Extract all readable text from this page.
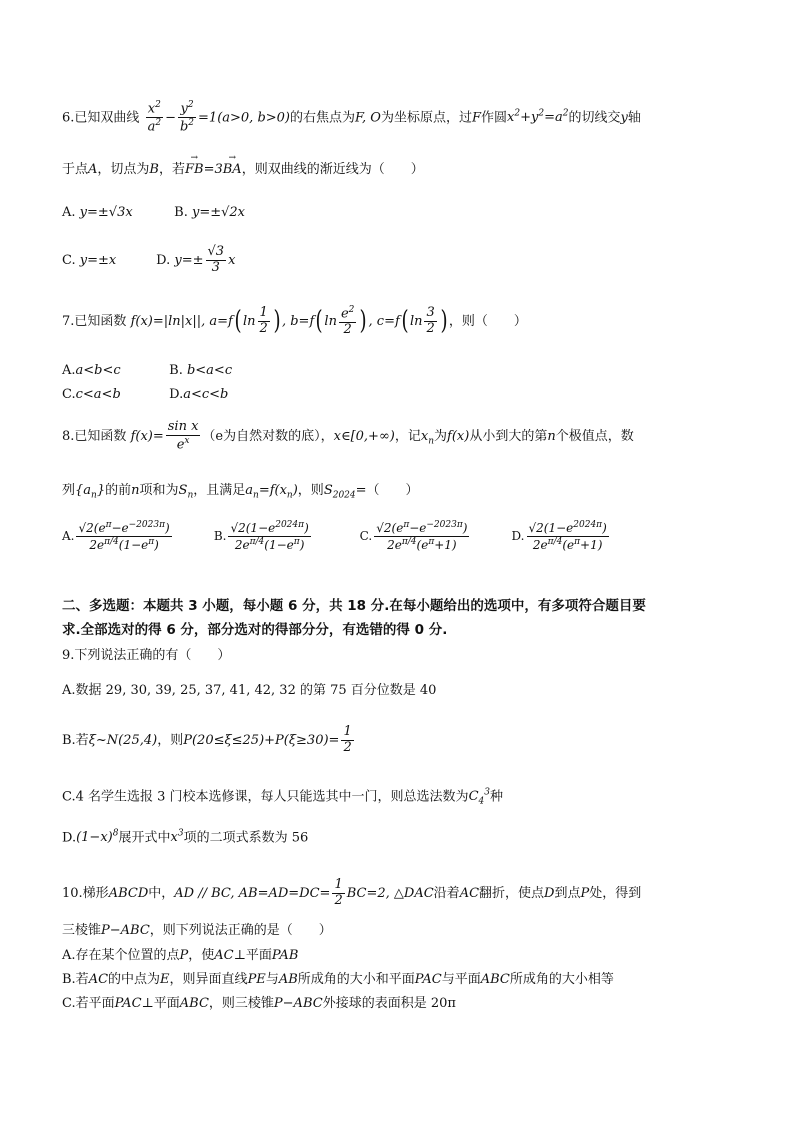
6.已知双曲线 $\frac{x^2}{a^2} - \frac{y^2}{b^2} =1(a>0$, b>0)的右焦点为F, O为坐标原点，过F作圆$x^2+y^2=a^2$的切线交y轴
于点A，切点为B，若→ FB=3→ BA，则双曲线的渐近线为（　　）
A. y=±√3x	B. y=±√2x
C. y=±x	D. $y=\pm \frac{√3}{3}$ x
7.已知函数 f(x)=|ln|x||, a=f( $\ln \frac{1}{2}$ ) , b=f( $\ln \frac{e^2}{2}$ ) , c=f( $\ln \frac{3}{2}$ ) ，则（　　）
A.a<b<c	B. b<a<c
C.c<a<b	D.a<c<b
8.已知函数 $f(x)= \frac{\text{sin x}}{e^x} (e$为自然对数的底），x∈[0,+∞)，记$x_n$为f(x)从小到大的第n个极值点，数
列$\{a_n\}$的前n项和为$S_n$，且满足$a_n=f(x_n)$，则$S_{2024}=$（　　）
A. $\frac{√2(e^\pi-e^{-2023\pi})}{2e^{\pi/4}(1-e^\pi)}$	B. $\frac{√2(1-e^{2024\pi})}{2e^{\pi/4}(1-e^\pi)}$	C. $\frac{√2(e^\pi-e^{-2023\pi})}{2e^{\pi/4}(e^\pi+1)}$	D. $\frac{√2(1-e^{2024\pi})}{2e^{\pi/4}(e^\pi+1)}$
二、多选题：本题共 3 小题，每小题 6 分，共 18 分.在每小题给出的选项中，有多项符合题目要
求.全部选对的得 6 分，部分选对的得部分分，有选错的得 0 分.
9.下列说法正确的有（　　）
A.数据 29, 30, 39, 25, 37, 41, 42, 32 的第 75 百分位数是 40
B.若ξ~N(25,4)，则$P(20\le\xi\le 25)+P(\xi\ge 30)= \frac{1}{2}$
C.4 名学生选报 3 门校本选修课，每人只能选其中一门，则总选法数为$C_4^3$种
$D.(1-x)^8$展开式中$x^3$项的二项式系数为 56
10.梯形ABCD中，AD // BC, $AB=AD=DC= \frac{1}{2} BC=2$, △DAC沿着AC翻折，使点D到点P处，得到
三棱锥P−ABC，则下列说法正确的是（　　）
A.存在某个位置的点P，使AC⊥平面PAB
B.若AC的中点为E，则异面直线PE与AB所成角的大小和平面PAC与平面ABC所成角的大小相等
C.若平面PAC⊥平面ABC，则三棱锥P−ABC外接球的表面积是 20π
